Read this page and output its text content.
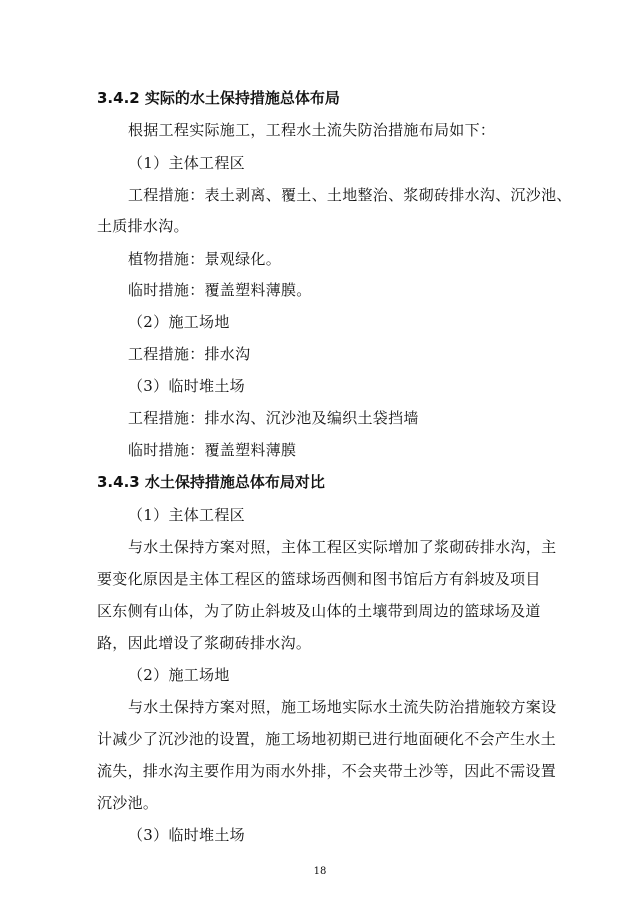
3.4.2 实际的水土保持措施总体布局
根据工程实际施工，工程水土流失防治措施布局如下：
（1）主体工程区
工程措施：表土剥离、覆土、土地整治、浆砌砖排水沟、沉沙池、
土质排水沟。
植物措施：景观绿化。
临时措施：覆盖塑料薄膜。
（2）施工场地
工程措施：排水沟
（3）临时堆土场
工程措施：排水沟、沉沙池及编织土袋挡墙
临时措施：覆盖塑料薄膜
3.4.3 水土保持措施总体布局对比
（1）主体工程区
与水土保持方案对照，主体工程区实际增加了浆砌砖排水沟，主
要变化原因是主体工程区的篮球场西侧和图书馆后方有斜坡及项目
区东侧有山体，为了防止斜坡及山体的土壤带到周边的篮球场及道
路，因此增设了浆砌砖排水沟。
（2）施工场地
与水土保持方案对照，施工场地实际水土流失防治措施较方案设
计减少了沉沙池的设置，施工场地初期已进行地面硬化不会产生水土
流失，排水沟主要作用为雨水外排，不会夹带土沙等，因此不需设置
沉沙池。
（3）临时堆土场
18
